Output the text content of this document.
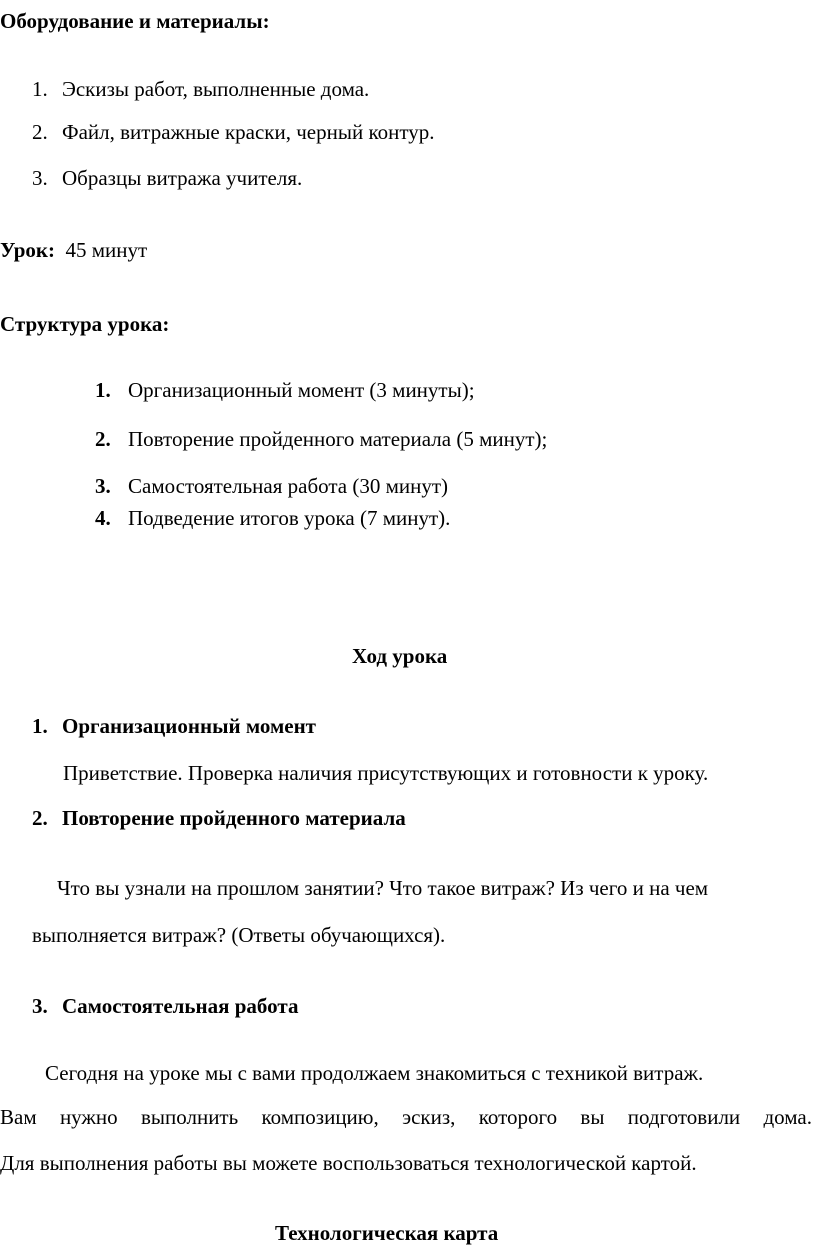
Оборудование и материалы:
1. Эскизы работ, выполненные дома.
2. Файл, витражные краски, черный контур.
3. Образцы витража учителя.
Урок: 45 минут
Структура урока:
1. Организационный момент (3 минуты);
2. Повторение пройденного материала (5 минут);
3. Самостоятельная работа (30 минут)
4. Подведение итогов урока (7 минут).
Ход урока
1. Организационный момент
Приветствие. Проверка наличия присутствующих и готовности к уроку.
2. Повторение пройденного материала
Что вы узнали на прошлом занятии? Что такое витраж? Из чего и на чем
выполняется витраж? (Ответы обучающихся).
3. Самостоятельная работа
Сегодня на уроке мы с вами продолжаем знакомиться с техникой витраж.
Вам нужно выполнить композицию, эскиз, которого вы подготовили дома.
Для выполнения работы вы можете воспользоваться технологической картой.
Технологическая карта
